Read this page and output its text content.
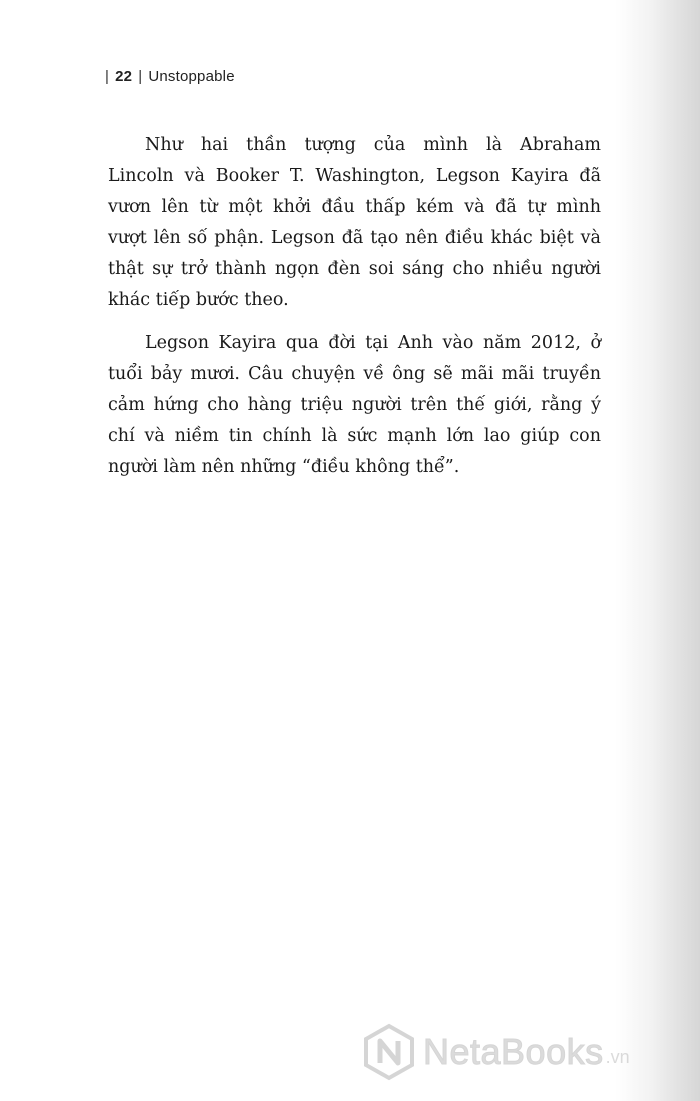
| 22 | Unstoppable
Như hai thần tượng của mình là Abraham
Lincoln và Booker T. Washington, Legson Kayira đã
vươn lên từ một khởi đầu thấp kém và đã tự mình
vượt lên số phận. Legson đã tạo nên điều khác biệt và
thật sự trở thành ngọn đèn soi sáng cho nhiều người
khác tiếp bước theo.
Legson Kayira qua đời tại Anh vào năm 2012, ở
tuổi bảy mươi. Câu chuyện về ông sẽ mãi mãi truyền
cảm hứng cho hàng triệu người trên thế giới, rằng ý
chí và niềm tin chính là sức mạnh lớn lao giúp con
người làm nên những “điều không thể”.
NetaBooks .vn
